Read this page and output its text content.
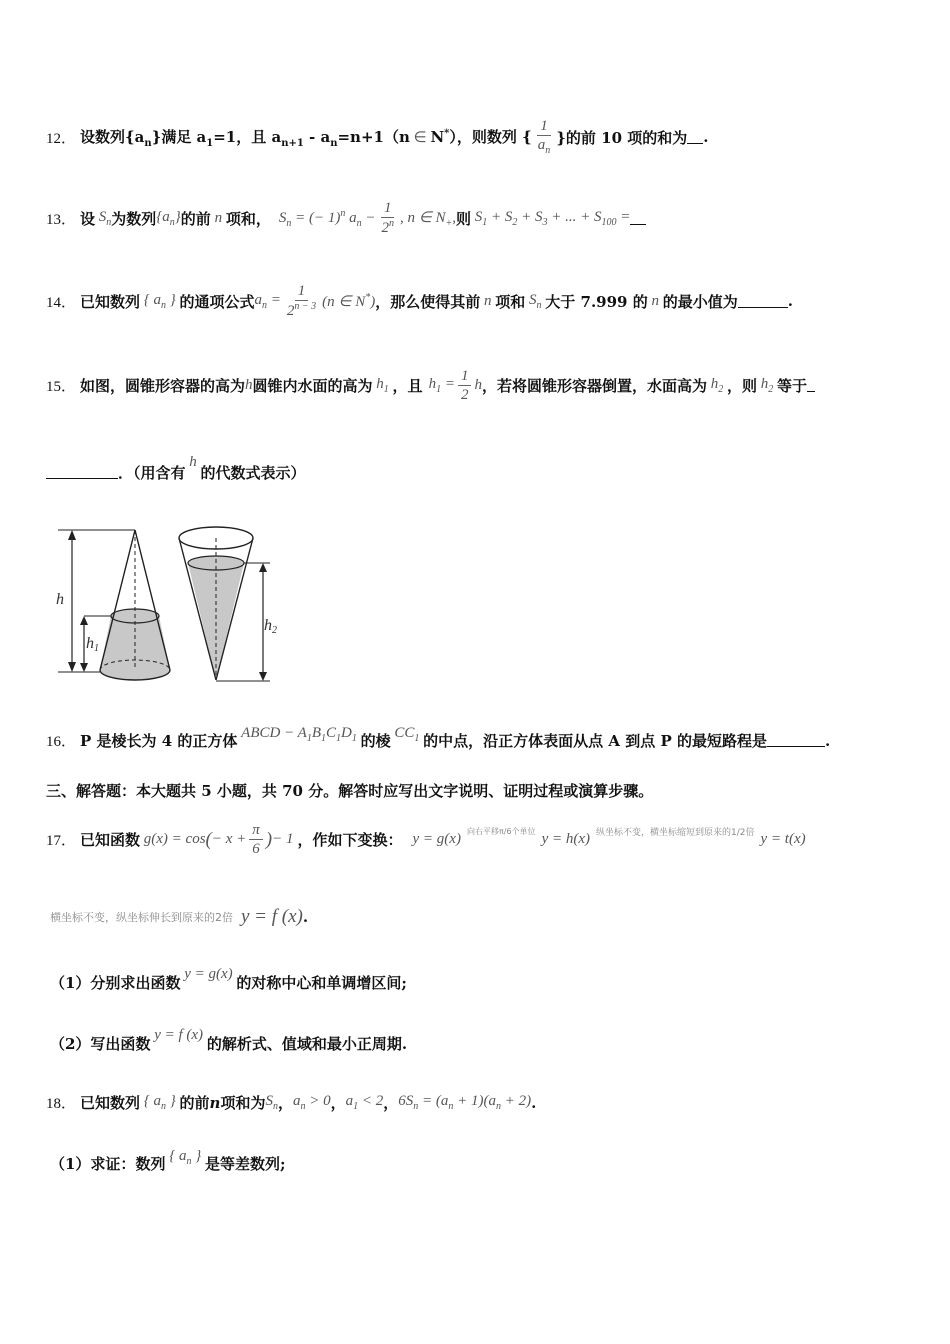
12． 设数列$\{a_n\}$满足 $a_1=1$，且 $a_{n+1} - a_n=n+1(n$ ∈ N*），则数列 { $\frac{1}{a_n}$ }的前 10 项的和为 .
13． 设 $S_n$ 为数列 $\{a_n\}$ 的前 n 项和， $S_n$ = (− 1)$^n$ $a_n - \frac{1}{2^n}$ , n ∈ $N_+$, 则 $S_1 + S_2 + S_3$ + ... + $S_{100}$ =
14． 已知数列 { $a_n$ } 的通项公式 $a_n = \frac{1}{2^{n - 3}} (n$ ∈ N*) ，那么使得其前 n 项和 $S_n$ 大于 7.999 的 n 的最小值为	.
15． 如图，圆锥形容器的高为 h 圆锥内水面的高为 $h_1$ ，且 $h_1 = \frac{1}{2}$ h ，若将圆锥形容器倒置，水面高为 $h_2$ ，则 $h_2$ 等于
．（用含有
h
的代数式表示）
h
h1
h2
16． P 是棱长为 4 的正方体 ABCD − $A_1B_1C_1D_1$ 的棱 $CC_1$ 的中点，沿正方体表面从点 A 到点 P 的最短路程是	.
三、解答题：本大题共 5 小题，共 70 分。解答时应写出文字说明、证明过程或演算步骤。
17． 已知函数 g(x) = cos ( − $x + \frac{\pi}{6}$ ) − 1 ，作如下变换： y = g(x) 向右平移π/6个单位 y = h(x) 纵坐标不变，横坐标缩短到原来的1/2倍 y = t(x)
横坐标不变，纵坐标伸长到原来的2倍 y = f (x) .
（1）分别求出函数 y = g(x) 的对称中心和单调增区间;
（2）写出函数 y = f (x) 的解析式、值域和最小正周期.
18． 已知数列 { $a_n$ } 的前 n 项和为 $S_n$ ， $a_n > 0$ ， $a_1 < 2$ ， $6S_n = (a_n + 1)(a_n + 2)$ .
（1）求证：数列 { $a_n$ } 是等差数列;
